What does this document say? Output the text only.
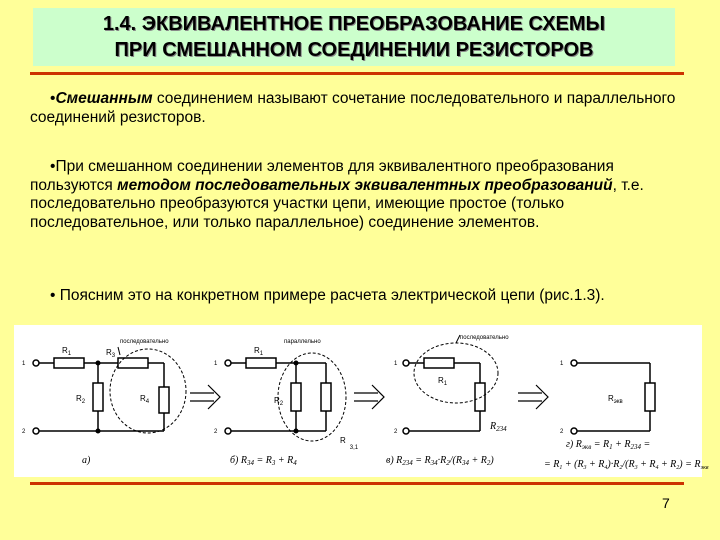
1.4. ЭКВИВАЛЕНТНОЕ ПРЕОБРАЗОВАНИЕ СХЕМЫ
ПРИ СМЕШАННОМ СОЕДИНЕНИИ РЕЗИСТОРОВ
•Смешанным соединением называют сочетание последовательного и параллельного соединений резисторов.
•При смешанном соединении элементов для эквивалентного преобразования пользуются методом последовательных эквивалентных преобразований, т.е. последовательно преобразуются участки цепи, имеющие простое (только последовательное, или только параллельное) соединение элементов.
• Поясним это на конкретном примере расчета электрической цепи (рис.1.3).
последовательно
$R_1$	$R_3$
$R_2$	$R_4$
1
2
а)
параллельно
$R_1$
$R_2$
$R_{3,1}$
1
2
б) $R_{34} = R_3 + R_4$
последовательно
$R_1$
$R_{234}$
1
2
в) $R_{234} = R_{34}\cdot R_2/(R_{34} + R_2)$
$R_{экв}$
1
2
г) $R_{экв} = R_1 + R_{234}$ =
= $R_1 + (R_3 + R_4)\cdot R_2/(R_3 + R_4 + R_2) = R_{экв}$
7
